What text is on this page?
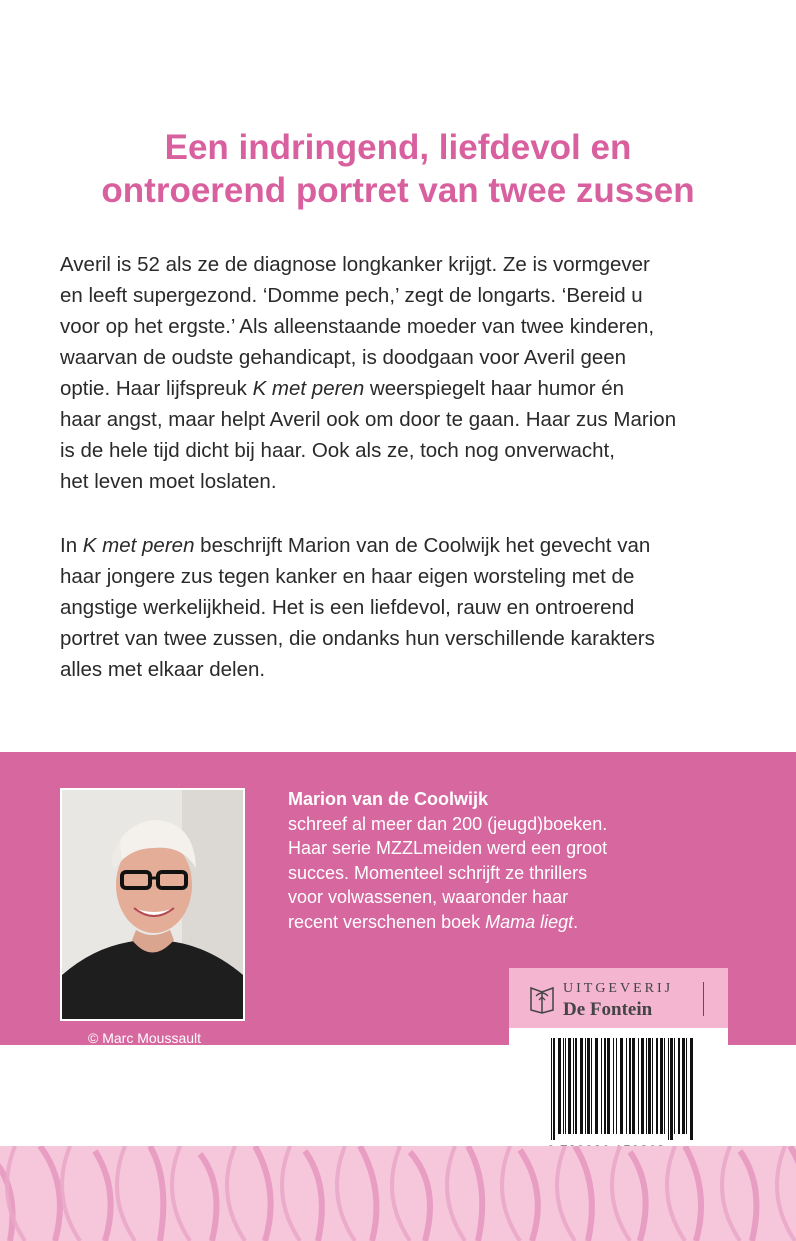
Een indringend, liefdevol en
ontroerend portret van twee zussen
Averil is 52 als ze de diagnose longkanker krijgt. Ze is vormgever
en leeft supergezond. ‘Domme pech,’ zegt de longarts. ‘Bereid u
voor op het ergste.’ Als alleenstaande moeder van twee kinderen,
waarvan de oudste gehandicapt, is doodgaan voor Averil geen
optie. Haar lijfspreuk K met peren weerspiegelt haar humor én
haar angst, maar helpt Averil ook om door te gaan. Haar zus Marion
is de hele tijd dicht bij haar. Ook als ze, toch nog onverwacht,
het leven moet loslaten.
In K met peren beschrijft Marion van de Coolwijk het gevecht van
haar jongere zus tegen kanker en haar eigen worsteling met de
angstige werkelijkheid. Het is een liefdevol, rauw en ontroerend
portret van twee zussen, die ondanks hun verschillende karakters
alles met elkaar delen.
© Marc Moussault
Marion van de Coolwijk
schreef al meer dan 200 (jeugd)boeken.
Haar serie MZZLmeiden werd een groot
succes. Momenteel schrijft ze thrillers
voor volwassenen, waaronder haar
recent verschenen boek Mama liegt.
UITGEVERIJ
De Fontein
